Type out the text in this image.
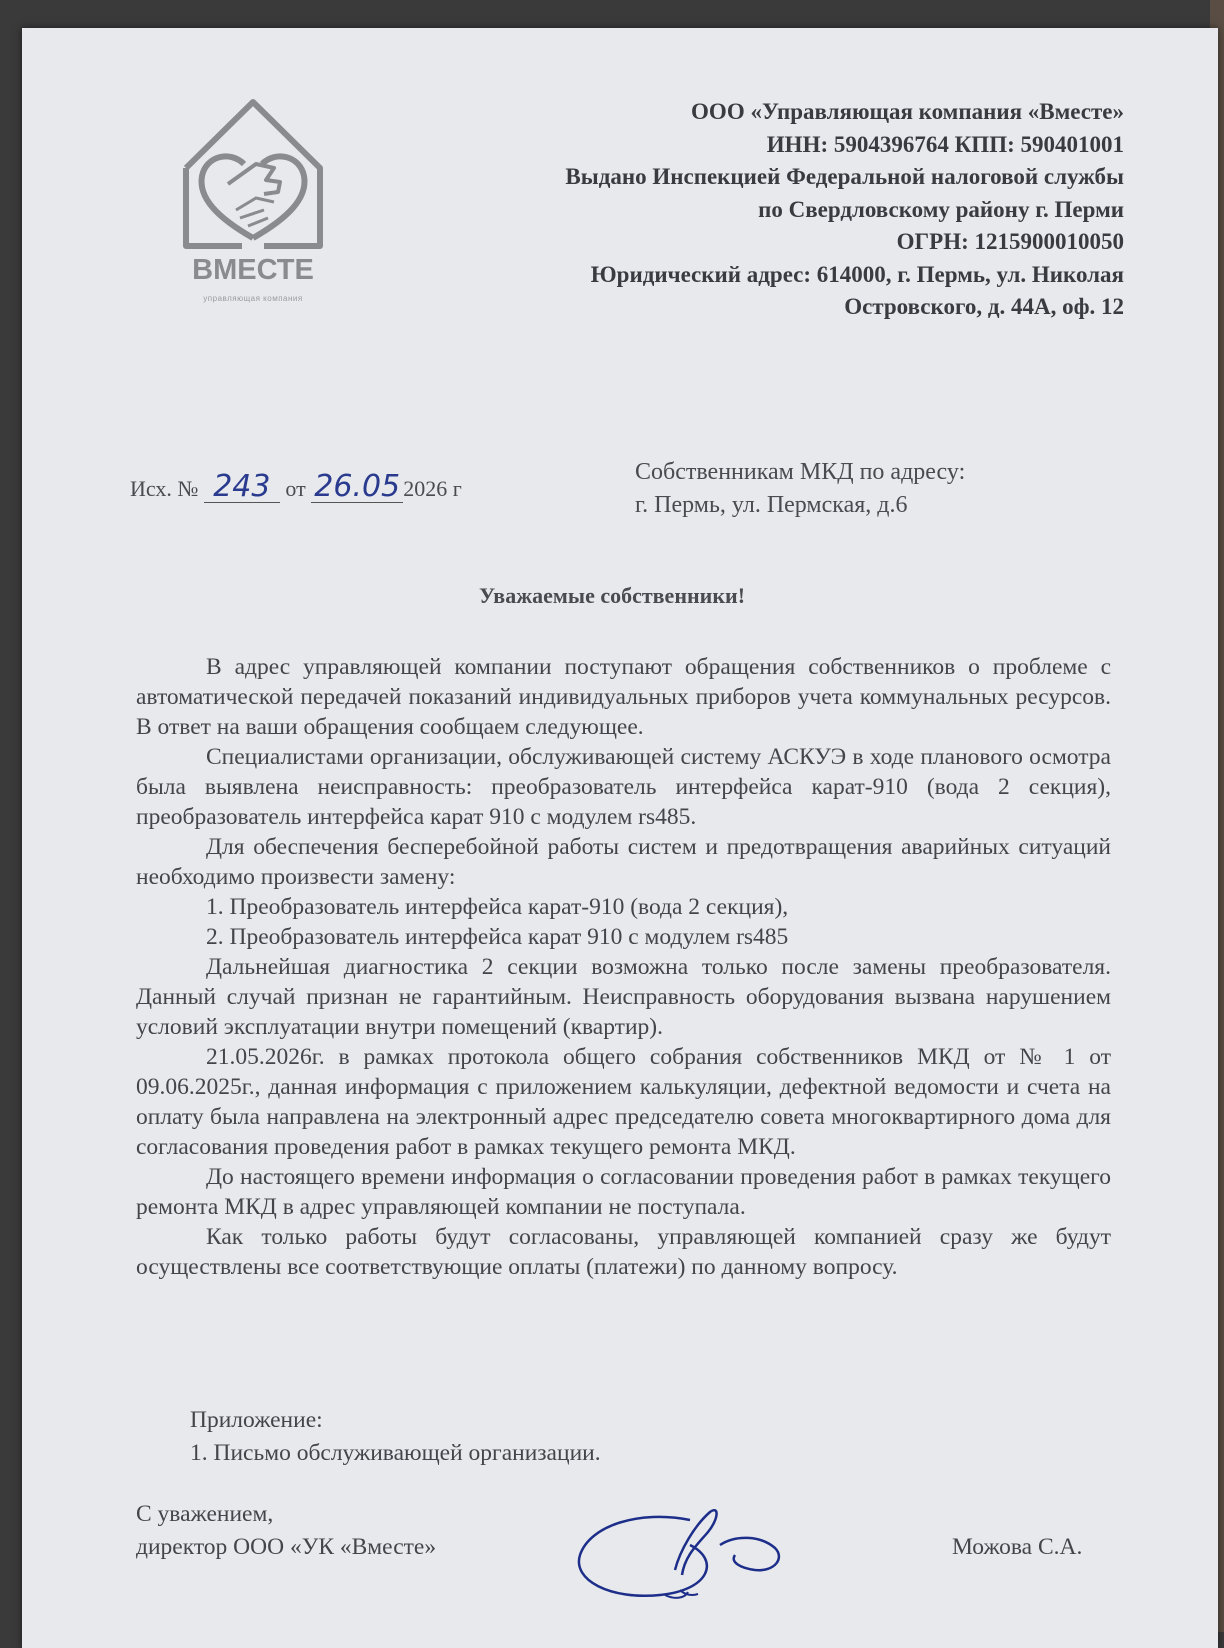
ВМЕСТЕ
управляющая компания
ООО «Управляющая компания «Вместе»
ИНН: 5904396764 КПП: 590401001
Выдано Инспекцией Федеральной налоговой службы
по Свердловскому району г. Перми
ОГРН: 1215900010050
Юридический адрес: 614000, г. Пермь, ул. Николая
Островского, д. 44А, оф. 12
Исх. № 243 от 26.05 2026 г
Собственникам МКД по адресу:
г. Пермь, ул. Пермская, д.6
Уважаемые собственники!

В адрес управляющей компании поступают обращения собственников о проблеме с автоматической передачей показаний индивидуальных приборов учета коммунальных ресурсов. В ответ на ваши обращения сообщаем следующее.

Специалистами организации, обслуживающей систему АСКУЭ в ходе планового осмотра была выявлена неисправность: преобразователь интерфейса карат-910 (вода 2 секция), преобразователь интерфейса карат 910 с модулем rs485.

Для обеспечения бесперебойной работы систем и предотвращения аварийных ситуаций необходимо произвести замену:

1. Преобразователь интерфейса карат-910 (вода 2 секция),

2. Преобразователь интерфейса карат 910 с модулем rs485

Дальнейшая диагностика 2 секции возможна только после замены преобразователя. Данный случай признан не гарантийным. Неисправность оборудования вызвана нарушением условий эксплуатации внутри помещений (квартир).

21.05.2026г. в рамках протокола общего собрания собственников МКД от № 1 от 09.06.2025г., данная информация с приложением калькуляции, дефектной ведомости и счета на оплату была направлена на электронный адрес председателю совета многоквартирного дома для согласования проведения работ в рамках текущего ремонта МКД.

До настоящего времени информация о согласовании проведения работ в рамках текущего ремонта МКД в адрес управляющей компании не поступала.

Как только работы будут согласованы, управляющей компанией сразу же будут осуществлены все соответствующие оплаты (платежи) по данному вопросу.

Приложение:
1. Письмо обслуживающей организации.
С уважением,
директор ООО «УК «Вместе»	Можова С.А.
